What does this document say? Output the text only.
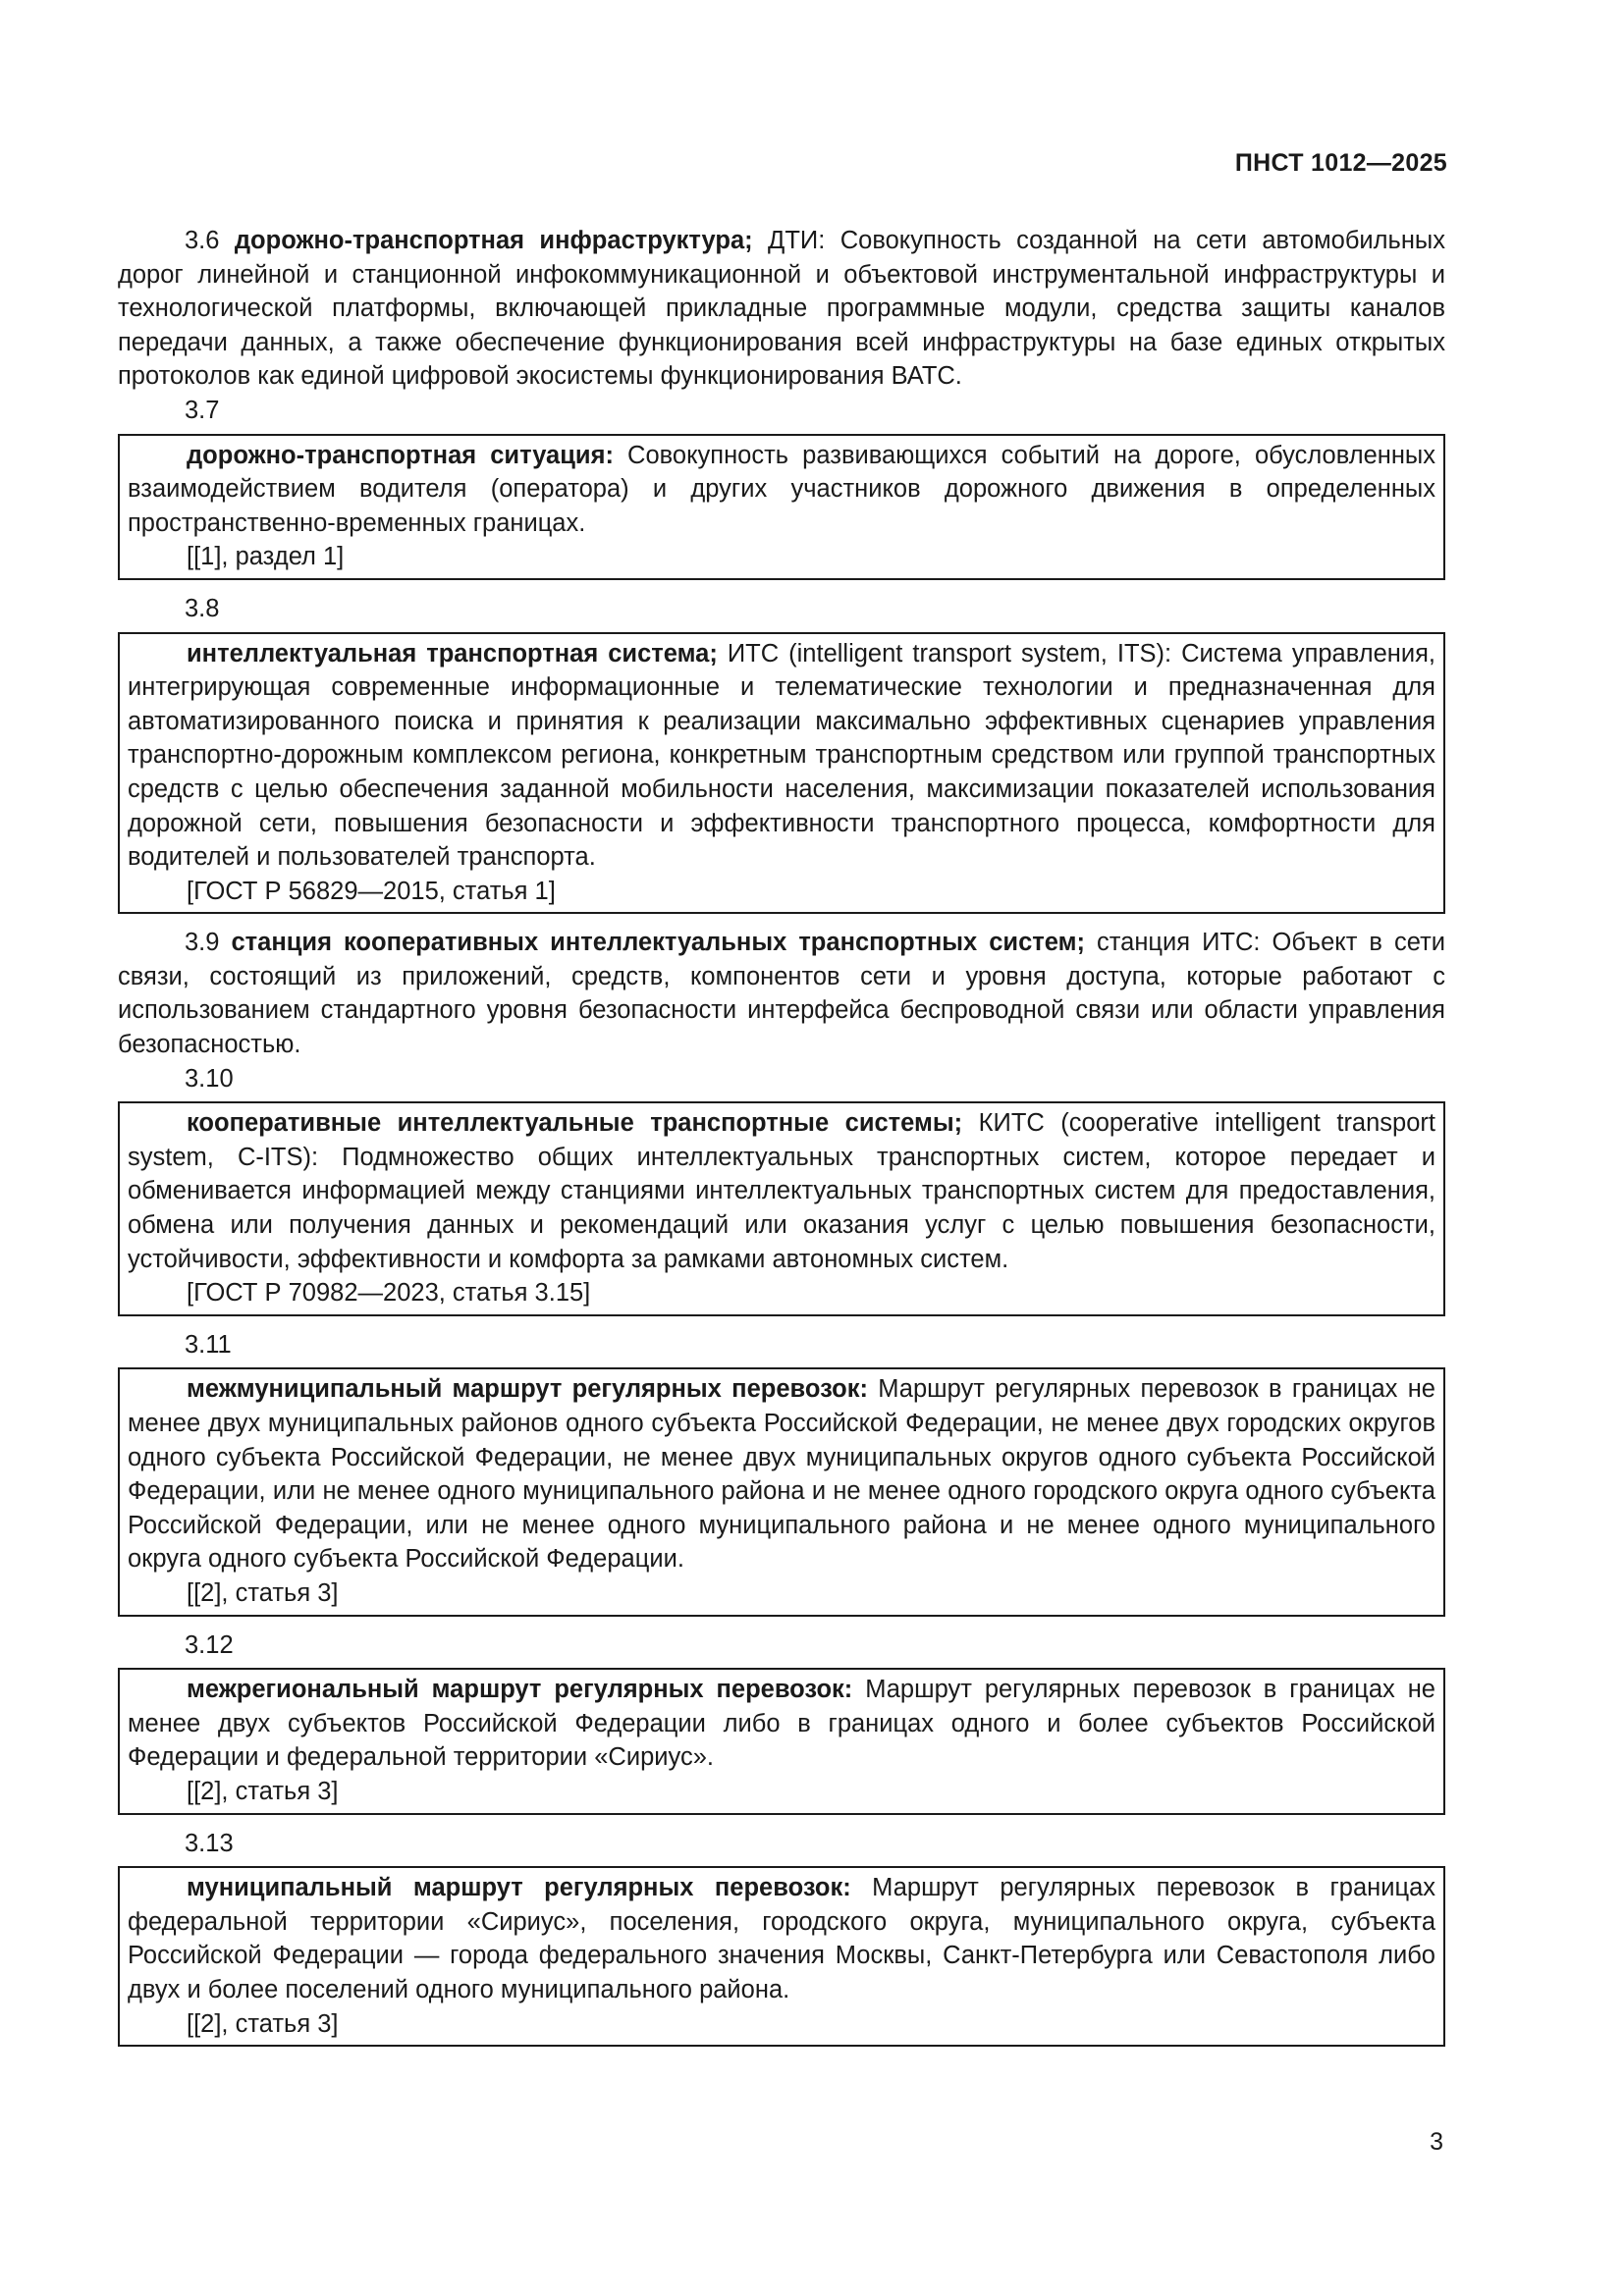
ПНСТ 1012—2025

3.6 дорожно-транспортная инфраструктура; ДТИ: Совокупность созданной на сети автомобильных дорог линейной и станционной инфокоммуникационной и объектовой инструментальной инфраструктуры и технологической платформы, включающей прикладные программные модули, средства защиты каналов передачи данных, а также обеспечение функционирования всей инфраструктуры на базе единых открытых протоколов как единой цифровой экосистемы функционирования ВАТС.

3.7

дорожно-транспортная ситуация: Совокупность развивающихся событий на дороге, обусловленных взаимодействием водителя (оператора) и других участников дорожного движения в определенных пространственно-временных границах.

[[1], раздел 1]

3.8

интеллектуальная транспортная система; ИТС (intelligent transport system, ITS): Система управления, интегрирующая современные информационные и телематические технологии и предназначенная для автоматизированного поиска и принятия к реализации максимально эффективных сценариев управления транспортно-дорожным комплексом региона, конкретным транспортным средством или группой транспортных средств с целью обеспечения заданной мобильности населения, максимизации показателей использования дорожной сети, повышения безопасности и эффективности транспортного процесса, комфортности для водителей и пользователей транспорта.

[ГОСТ Р 56829—2015, статья 1]

3.9 станция кооперативных интеллектуальных транспортных систем; станция ИТС: Объект в сети связи, состоящий из приложений, средств, компонентов сети и уровня доступа, которые работают с использованием стандартного уровня безопасности интерфейса беспроводной связи или области управления безопасностью.

3.10

кооперативные интеллектуальные транспортные системы; КИТС (cooperative intelligent transport system, C-ITS): Подмножество общих интеллектуальных транспортных систем, которое передает и обменивается информацией между станциями интеллектуальных транспортных систем для предоставления, обмена или получения данных и рекомендаций или оказания услуг с целью повышения безопасности, устойчивости, эффективности и комфорта за рамками автономных систем.

[ГОСТ Р 70982—2023, статья 3.15]

3.11

межмуниципальный маршрут регулярных перевозок: Маршрут регулярных перевозок в границах не менее двух муниципальных районов одного субъекта Российской Федерации, не менее двух городских округов одного субъекта Российской Федерации, не менее двух муниципальных округов одного субъекта Российской Федерации, или не менее одного муниципального района и не менее одного городского округа одного субъекта Российской Федерации, или не менее одного муниципального района и не менее одного муниципального округа одного субъекта Российской Федерации.

[[2], статья 3]

3.12

межрегиональный маршрут регулярных перевозок: Маршрут регулярных перевозок в границах не менее двух субъектов Российской Федерации либо в границах одного и более субъектов Российской Федерации и федеральной территории «Сириус».

[[2], статья 3]

3.13

муниципальный маршрут регулярных перевозок: Маршрут регулярных перевозок в границах федеральной территории «Сириус», поселения, городского округа, муниципального округа, субъекта Российской Федерации — города федерального значения Москвы, Санкт-Петербурга или Севастополя либо двух и более поселений одного муниципального района.

[[2], статья 3]

3
